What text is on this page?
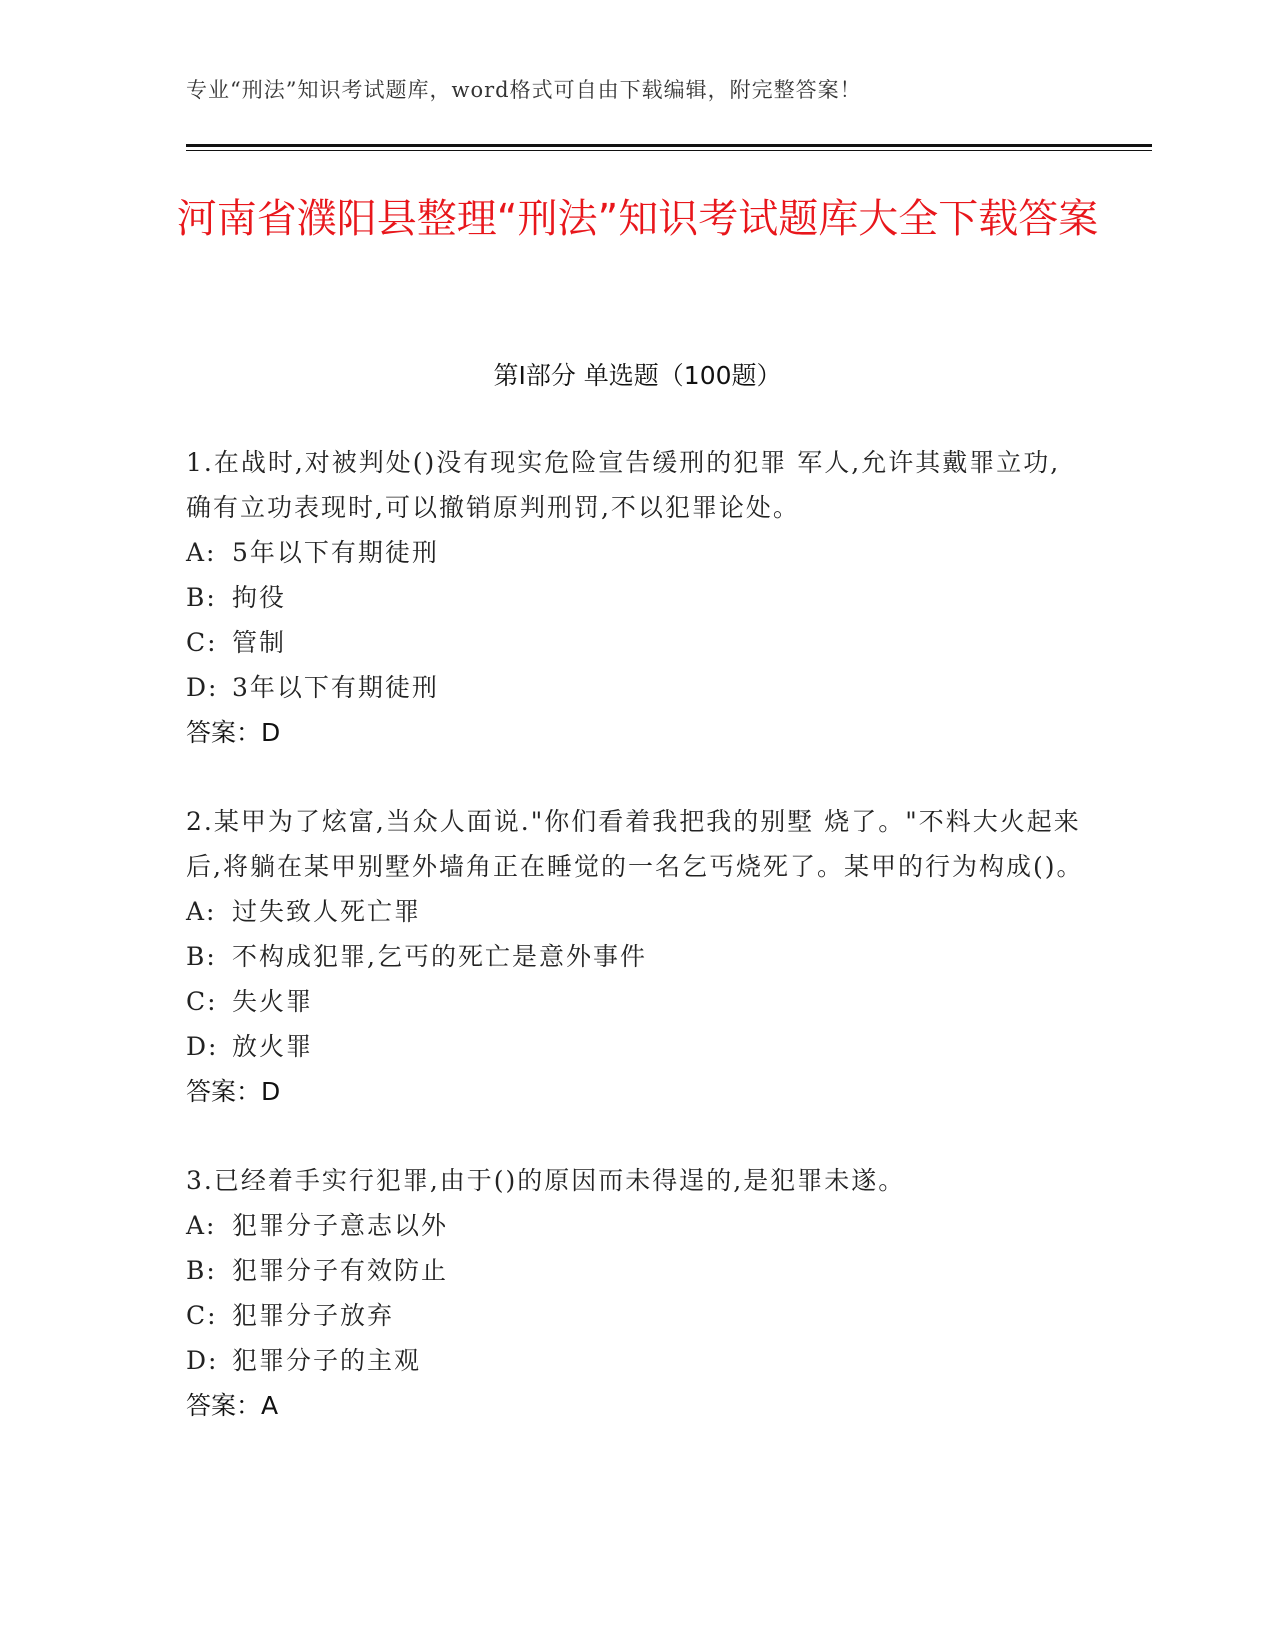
专业“刑法”知识考试题库，word格式可自由下载编辑，附完整答案！
河南省濮阳县整理“刑法”知识考试题库大全下载答案
第Ⅰ部分 单选题（100题）
1.在战时,对被判处()没有现实危险宣告缓刑的犯罪 军人,允许其戴罪立功,确有立功表现时,可以撤销原判刑罚,不以犯罪论处。
A: 5年以下有期徒刑
B: 拘役
C: 管制
D: 3年以下有期徒刑
答案：D
2.某甲为了炫富,当众人面说."你们看着我把我的别墅 烧了。"不料大火起来后,将躺在某甲别墅外墙角正在睡觉的一名乞丐烧死了。某甲的行为构成()。
A: 过失致人死亡罪
B: 不构成犯罪,乞丐的死亡是意外事件
C: 失火罪
D: 放火罪
答案：D
3.已经着手实行犯罪,由于()的原因而未得逞的,是犯罪未遂。
A: 犯罪分子意志以外
B: 犯罪分子有效防止
C: 犯罪分子放弃
D: 犯罪分子的主观
答案：A
